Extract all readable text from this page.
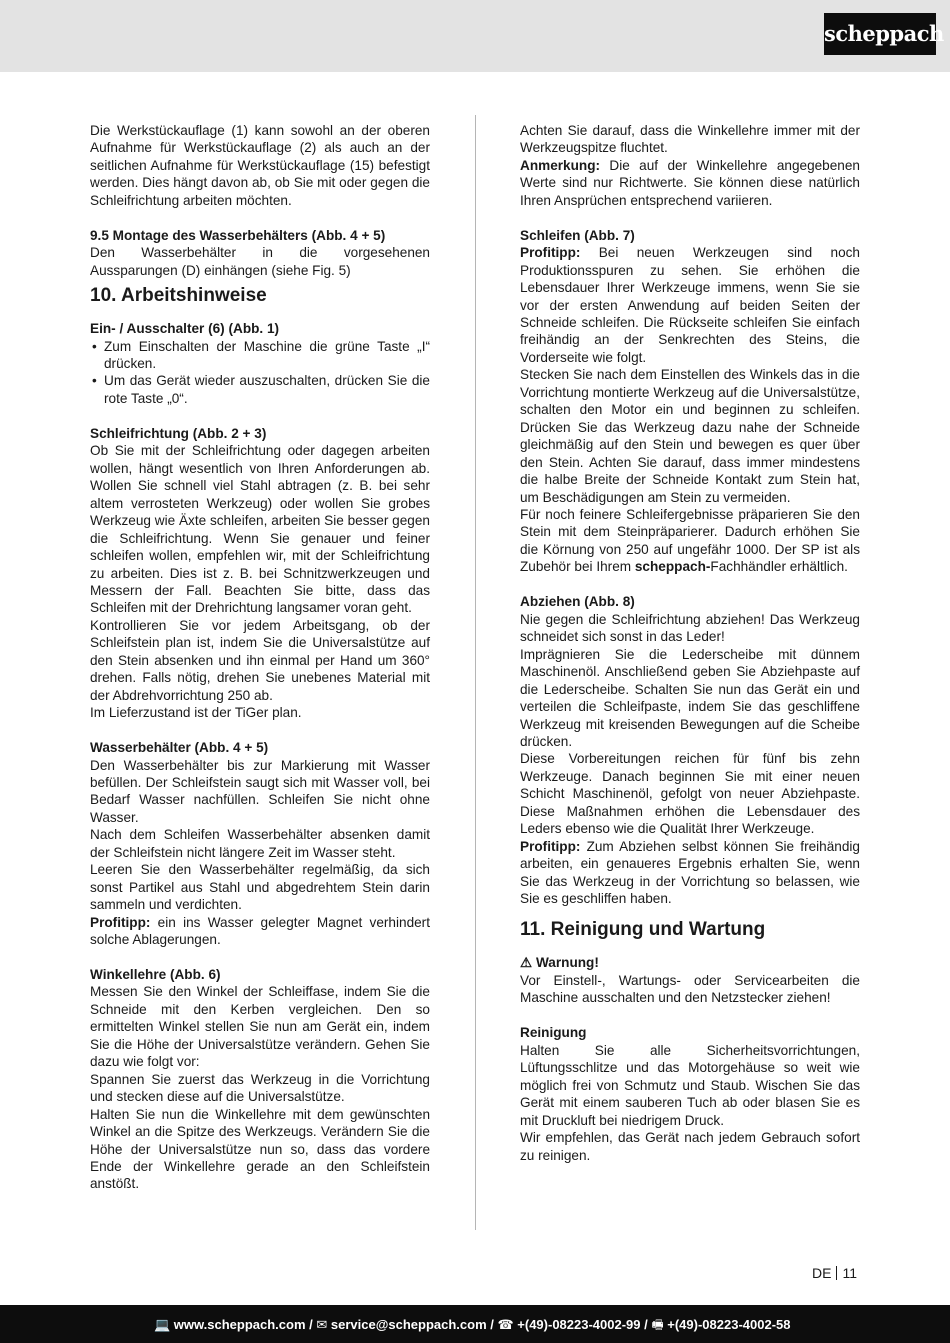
scheppach

Die Werkstückauflage (1) kann sowohl an der oberen Aufnahme für Werkstückauflage (2) als auch an der seitlichen Aufnahme für Werkstückauflage (15) befestigt werden. Dies hängt davon ab, ob Sie mit oder gegen die Schleifrichtung arbeiten möchten.

9.5 Montage des Wasserbehälters (Abb. 4 + 5)

Den Wasserbehälter in die vorgesehenen Aussparungen (D) einhängen (siehe Fig. 5)

10. Arbeitshinweise

Ein- / Ausschalter (6) (Abb. 1)

• Zum Einschalten der Maschine die grüne Taste „I“ drücken.
• Um das Gerät wieder auszuschalten, drücken Sie die rote Taste „0“.

Schleifrichtung (Abb. 2 + 3)

Ob Sie mit der Schleifrichtung oder dagegen arbeiten wollen, hängt wesentlich von Ihren Anforderungen ab. Wollen Sie schnell viel Stahl abtragen (z. B. bei sehr altem verrosteten Werkzeug) oder wollen Sie grobes Werkzeug wie Äxte schleifen, arbeiten Sie besser gegen die Schleifrichtung. Wenn Sie genauer und feiner schleifen wollen, empfehlen wir, mit der Schleifrichtung zu arbeiten. Dies ist z. B. bei Schnitzwerkzeugen und Messern der Fall. Beachten Sie bitte, dass das Schleifen mit der Drehrichtung langsamer voran geht.

Kontrollieren Sie vor jedem Arbeitsgang, ob der Schleifstein plan ist, indem Sie die Universalstütze auf den Stein absenken und ihn einmal per Hand um 360° drehen. Falls nötig, drehen Sie unebenes Material mit der Abdrehvorrichtung 250 ab.

Im Lieferzustand ist der TiGer plan.

Wasserbehälter (Abb. 4 + 5)

Den Wasserbehälter bis zur Markierung mit Wasser befüllen. Der Schleifstein saugt sich mit Wasser voll, bei Bedarf Wasser nachfüllen. Schleifen Sie nicht ohne Wasser.

Nach dem Schleifen Wasserbehälter absenken damit der Schleifstein nicht längere Zeit im Wasser steht.

Leeren Sie den Wasserbehälter regelmäßig, da sich sonst Partikel aus Stahl und abgedrehtem Stein darin sammeln und verdichten.

Profitipp: ein ins Wasser gelegter Magnet verhindert solche Ablagerungen.

Winkellehre (Abb. 6)

Messen Sie den Winkel der Schleiffase, indem Sie die Schneide mit den Kerben vergleichen. Den so ermittelten Winkel stellen Sie nun am Gerät ein, indem Sie die Höhe der Universalstütze verändern. Gehen Sie dazu wie folgt vor:

Spannen Sie zuerst das Werkzeug in die Vorrichtung und stecken diese auf die Universalstütze.

Halten Sie nun die Winkellehre mit dem gewünschten Winkel an die Spitze des Werkzeugs. Verändern Sie die Höhe der Universalstütze nun so, dass das vordere Ende der Winkellehre gerade an den Schleifstein anstößt.

Achten Sie darauf, dass die Winkellehre immer mit der Werkzeugspitze fluchtet.

Anmerkung: Die auf der Winkellehre angegebenen Werte sind nur Richtwerte. Sie können diese natürlich Ihren Ansprüchen entsprechend variieren.

Schleifen (Abb. 7)

Profitipp: Bei neuen Werkzeugen sind noch Produktionsspuren zu sehen. Sie erhöhen die Lebensdauer Ihrer Werkzeuge immens, wenn Sie sie vor der ersten Anwendung auf beiden Seiten der Schneide schleifen. Die Rückseite schleifen Sie einfach freihändig an der Senkrechten des Steins, die Vorderseite wie folgt.

Stecken Sie nach dem Einstellen des Winkels das in die Vorrichtung montierte Werkzeug auf die Universalstütze, schalten den Motor ein und beginnen zu schleifen. Drücken Sie das Werkzeug dazu nahe der Schneide gleichmäßig auf den Stein und bewegen es quer über den Stein. Achten Sie darauf, dass immer mindestens die halbe Breite der Schneide Kontakt zum Stein hat, um Beschädigungen am Stein zu vermeiden.

Für noch feinere Schleifergebnisse präparieren Sie den Stein mit dem Steinpräparierer. Dadurch erhöhen Sie die Körnung von 250 auf ungefähr 1000. Der SP ist als Zubehör bei Ihrem scheppach-Fachhändler erhältlich.

Abziehen (Abb. 8)

Nie gegen die Schleifrichtung abziehen! Das Werkzeug schneidet sich sonst in das Leder!

Imprägnieren Sie die Lederscheibe mit dünnem Maschinenöl. Anschließend geben Sie Abziehpaste auf die Lederscheibe. Schalten Sie nun das Gerät ein und verteilen die Schleifpaste, indem Sie das geschliffene Werkzeug mit kreisenden Bewegungen auf die Scheibe drücken.

Diese Vorbereitungen reichen für fünf bis zehn Werkzeuge. Danach beginnen Sie mit einer neuen Schicht Maschinenöl, gefolgt von neuer Abziehpaste. Diese Maßnahmen erhöhen die Lebensdauer des Leders ebenso wie die Qualität Ihrer Werkzeuge.

Profitipp: Zum Abziehen selbst können Sie freihändig arbeiten, ein genaueres Ergebnis erhalten Sie, wenn Sie das Werkzeug in der Vorrichtung so belassen, wie Sie es geschliffen haben.

11. Reinigung und Wartung

⚠ Warnung!

Vor Einstell-, Wartungs- oder Servicearbeiten die Maschine ausschalten und den Netzstecker ziehen!

Reinigung

Halten Sie alle Sicherheitsvorrichtungen, Lüftungsschlitze und das Motorgehäuse so weit wie möglich frei von Schmutz und Staub. Wischen Sie das Gerät mit einem sauberen Tuch ab oder blasen Sie es mit Druckluft bei niedrigem Druck.

Wir empfehlen, das Gerät nach jedem Gebrauch sofort zu reinigen.

DE 11
💻 www.scheppach.com / ✉ service@scheppach.com / ☎ +(49)-08223-4002-99 / 🖷 +(49)-08223-4002-58
